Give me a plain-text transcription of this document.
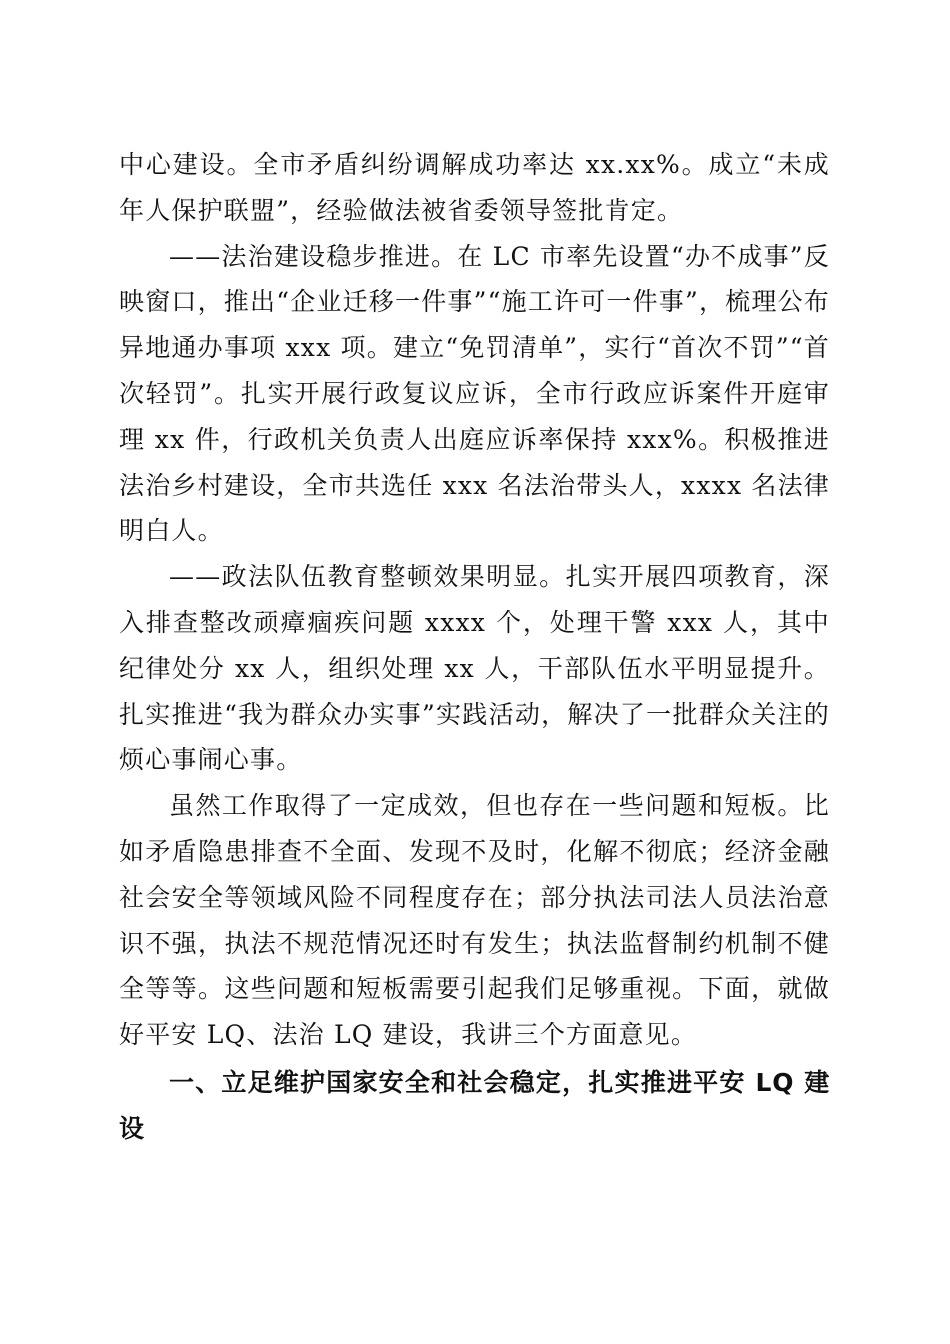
中心建设。全市矛盾纠纷调解成功率达 xx.xx%。成立“未成年人保护联盟”，经验做法被省委领导签批肯定。

——法治建设稳步推进。在 LC 市率先设置“办不成事”反映窗口，推出“企业迁移一件事”“施工许可一件事”，梳理公布异地通办事项 xxx 项。建立“免罚清单”，实行“首次不罚”“首次轻罚”。扎实开展行政复议应诉，全市行政应诉案件开庭审理 xx 件，行政机关负责人出庭应诉率保持 xxx%。积极推进法治乡村建设，全市共选任 xxx 名法治带头人，xxxx 名法律明白人。

——政法队伍教育整顿效果明显。扎实开展四项教育，深入排查整改顽瘴痼疾问题 xxxx 个，处理干警 xxx 人，其中纪律处分 xx 人，组织处理 xx 人，干部队伍水平明显提升。扎实推进“我为群众办实事”实践活动，解决了一批群众关注的烦心事闹心事。

虽然工作取得了一定成效，但也存在一些问题和短板。比如矛盾隐患排查不全面、发现不及时，化解不彻底；经济金融社会安全等领域风险不同程度存在；部分执法司法人员法治意识不强，执法不规范情况还时有发生；执法监督制约机制不健全等等。这些问题和短板需要引起我们足够重视。下面，就做好平安 LQ、法治 LQ 建设，我讲三个方面意见。

一、立足维护国家安全和社会稳定，扎实推进平安 LQ 建设
